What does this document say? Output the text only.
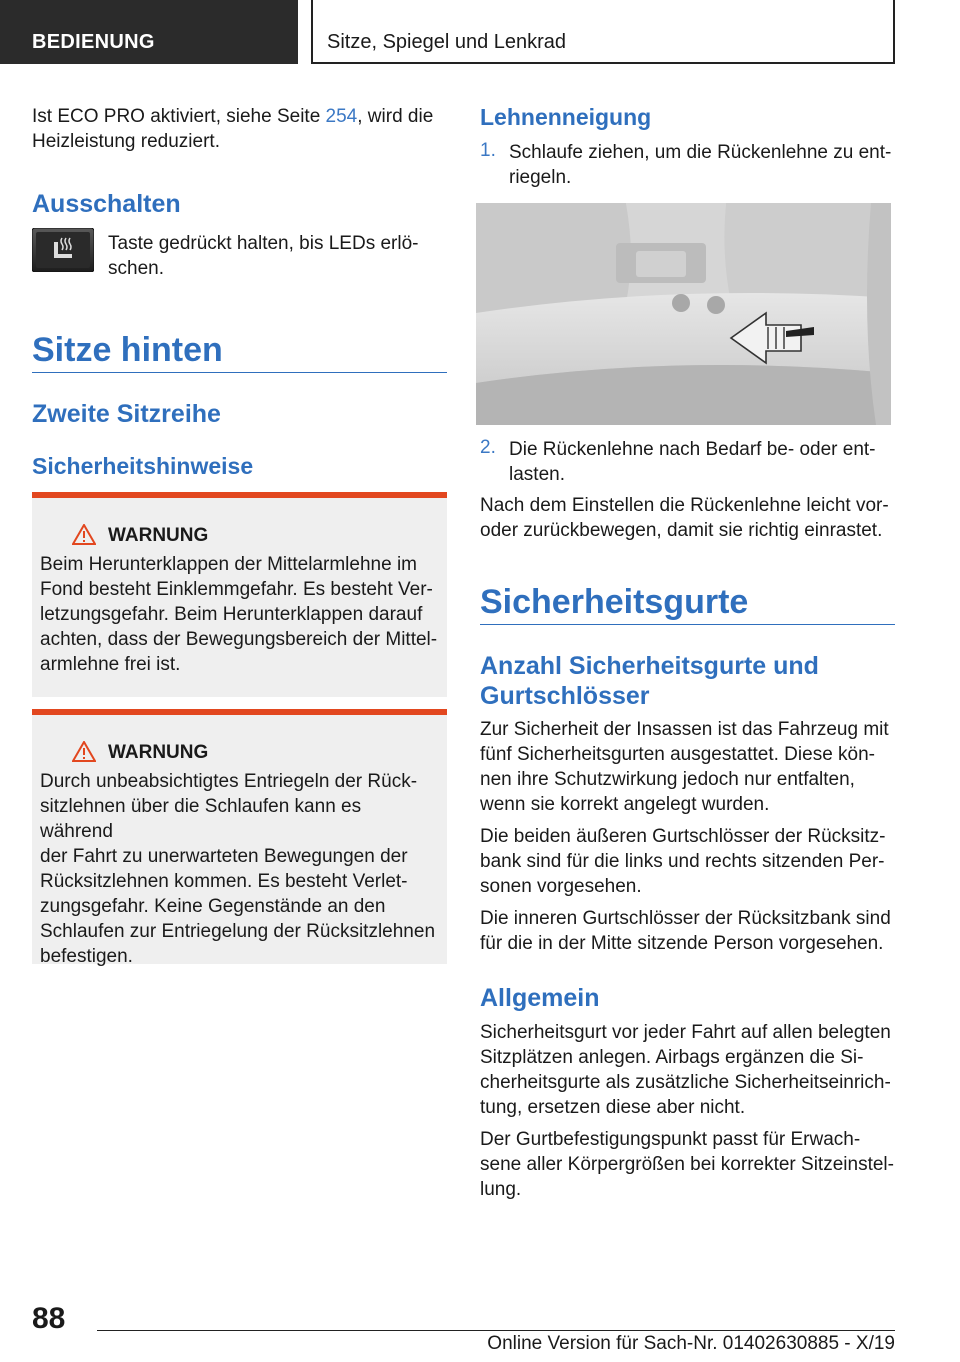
BEDIENUNG	Sitze, Spiegel und Lenkrad

Ist ECO PRO aktiviert, siehe Seite 254, wird die

Heizleistung reduziert.

Ausschalten

Taste gedrückt halten, bis LEDs erlö-

schen.

Sitze hinten
Zweite Sitzreihe
Sicherheitshinweise
WARNUNG

Beim Herunterklappen der Mittelarmlehne im

Fond besteht Einklemmgefahr. Es besteht Ver-

letzungsgefahr. Beim Herunterklappen darauf

achten, dass der Bewegungsbereich der Mittel-

armlehne frei ist.

WARNUNG

Durch unbeabsichtigtes Entriegeln der Rück-

sitzlehnen über die Schlaufen kann es während

der Fahrt zu unerwarteten Bewegungen der

Rücksitzlehnen kommen. Es besteht Verlet-

zungsgefahr. Keine Gegenstände an den

Schlaufen zur Entriegelung der Rücksitzlehnen

befestigen.

Lehnenneigung
1. Schlaufe ziehen, um die Rückenlehne zu ent-

riegeln.

2. Die Rückenlehne nach Bedarf be- oder ent-

lasten.

Nach dem Einstellen die Rückenlehne leicht vor-

oder zurückbewegen, damit sie richtig einrastet.

Sicherheitsgurte
Anzahl Sicherheitsgurte und
Gurtschlösser

Zur Sicherheit der Insassen ist das Fahrzeug mit

fünf Sicherheitsgurten ausgestattet. Diese kön-

nen ihre Schutzwirkung jedoch nur entfalten,

wenn sie korrekt angelegt wurden.

Die beiden äußeren Gurtschlösser der Rücksitz-

bank sind für die links und rechts sitzenden Per-

sonen vorgesehen.

Die inneren Gurtschlösser der Rücksitzbank sind

für die in der Mitte sitzende Person vorgesehen.

Allgemein

Sicherheitsgurt vor jeder Fahrt auf allen belegten

Sitzplätzen anlegen. Airbags ergänzen die Si-

cherheitsgurte als zusätzliche Sicherheitseinrich-

tung, ersetzen diese aber nicht.

Der Gurtbefestigungspunkt passt für Erwach-

sene aller Körpergrößen bei korrekter Sitzeinstel-

lung.

88
Online Version für Sach-Nr. 01402630885 - X/19
